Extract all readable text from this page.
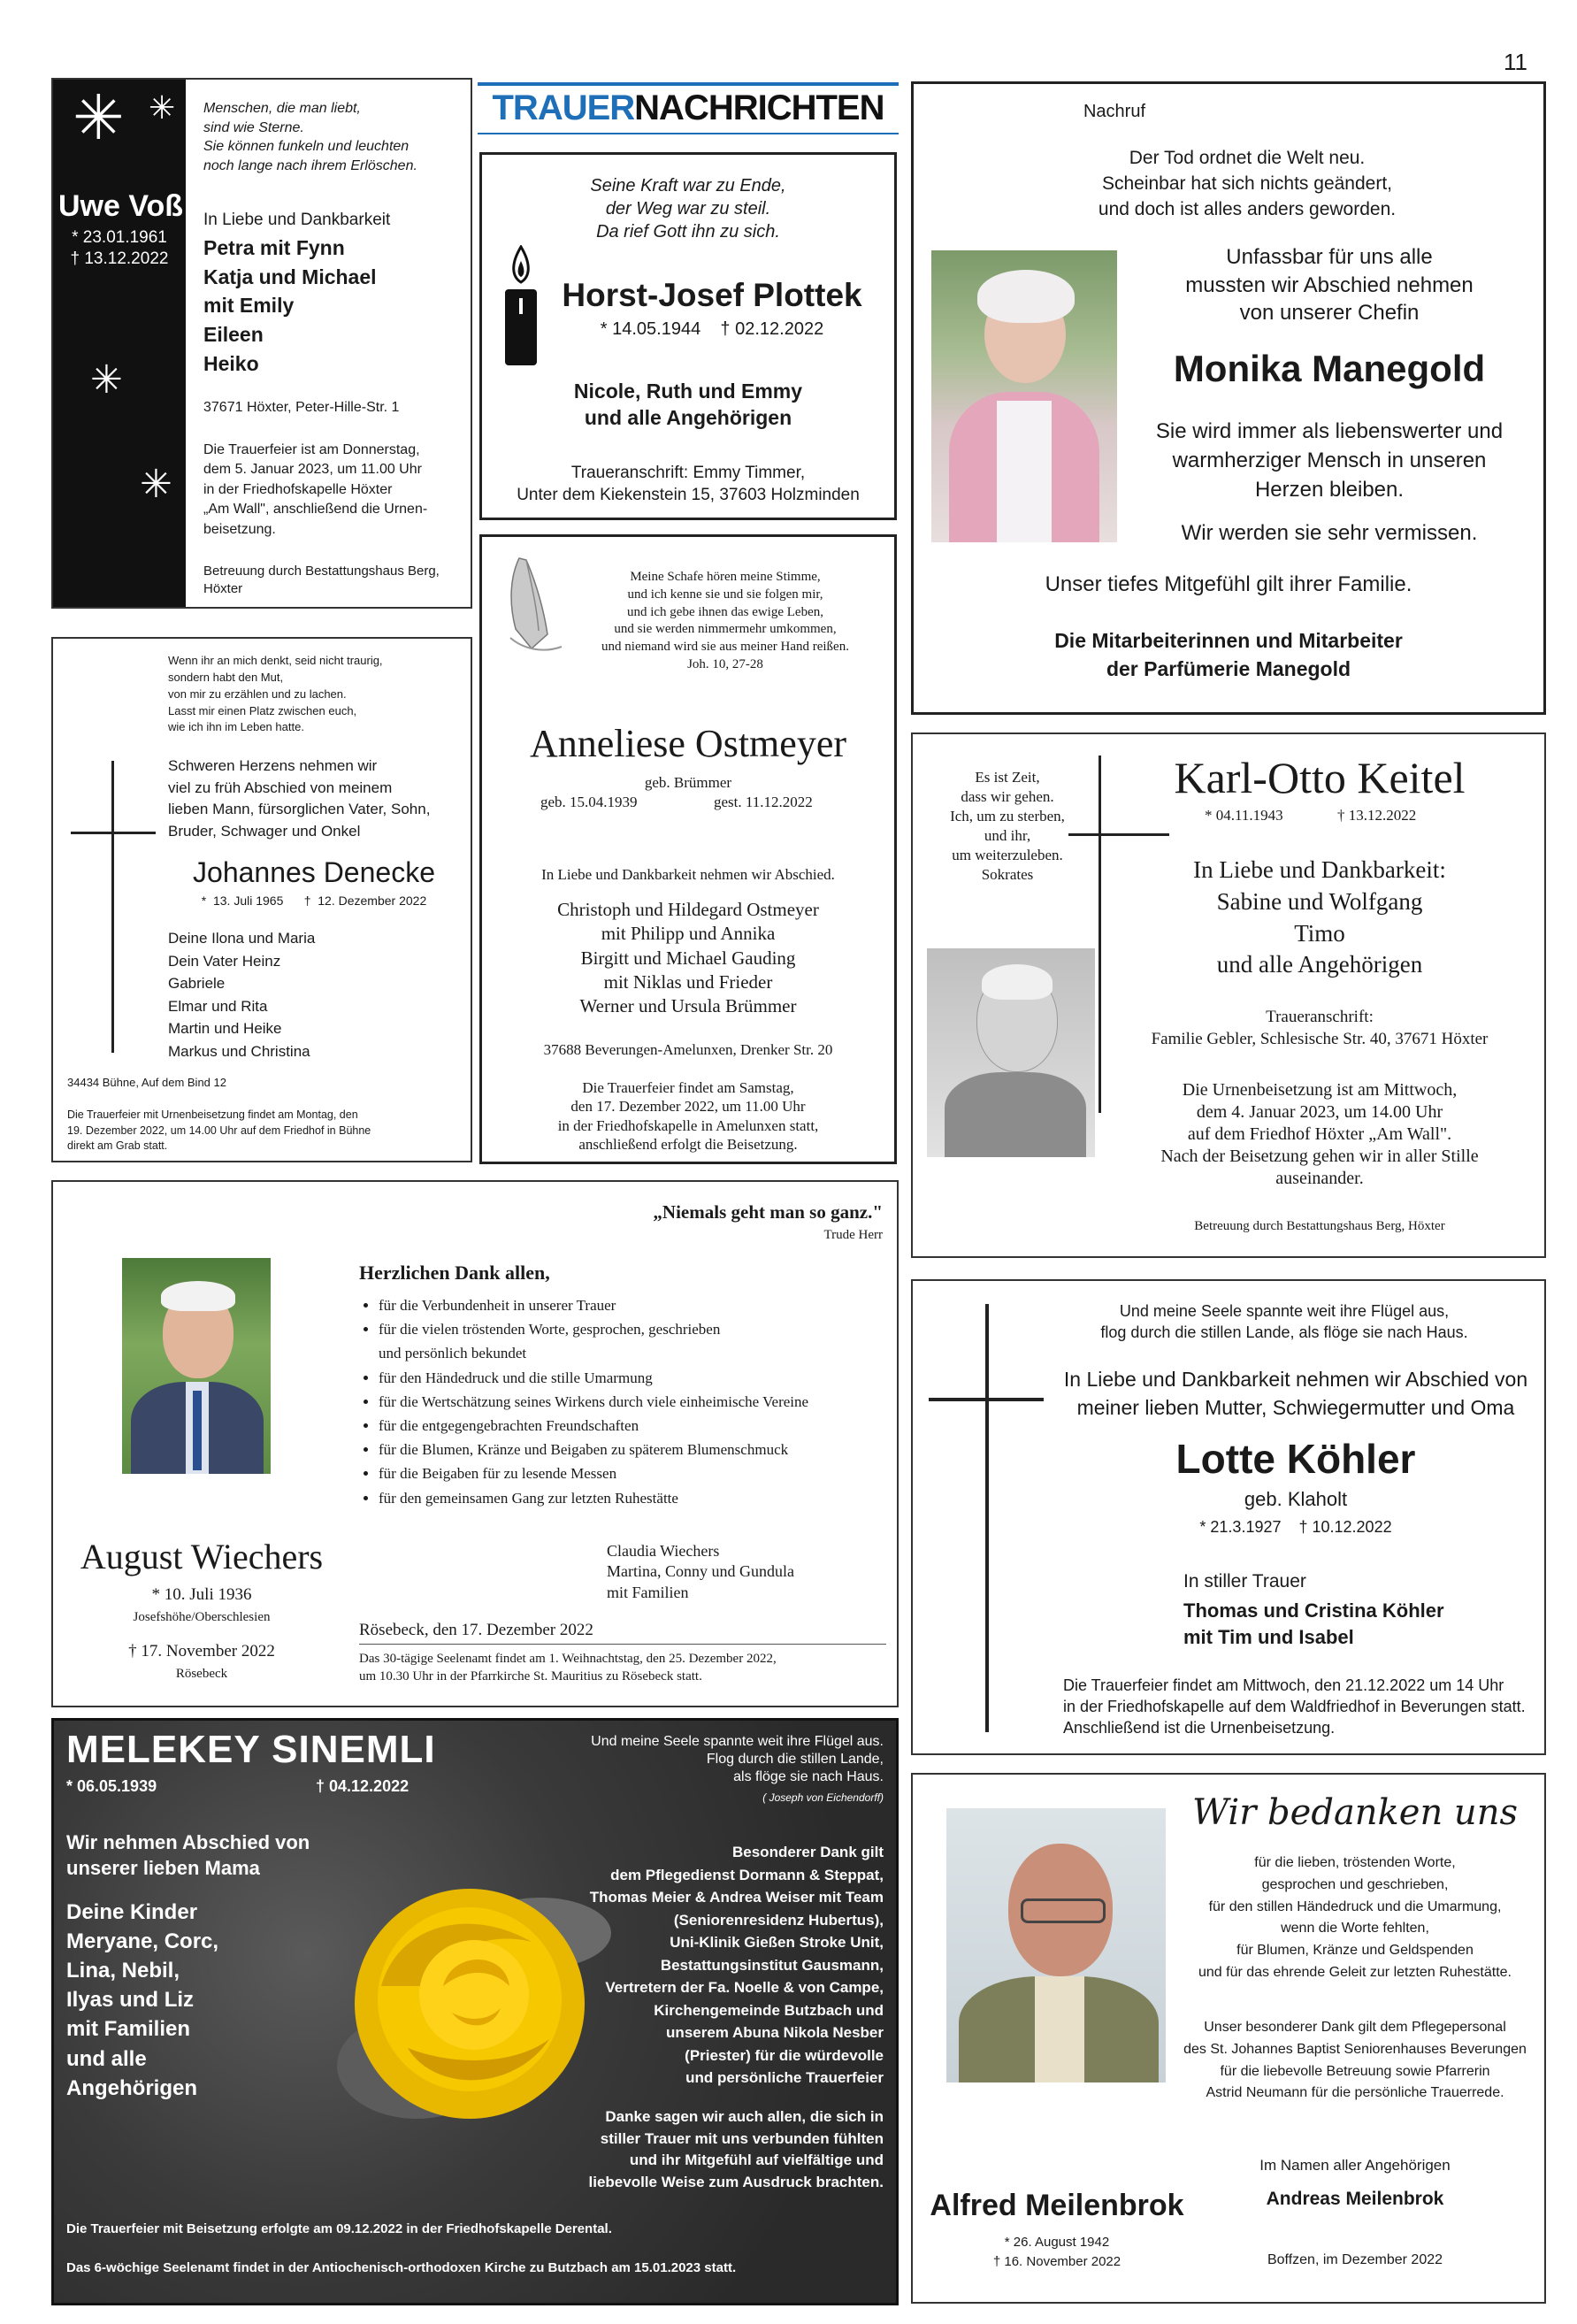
11
✳ ✳
✳
✳
Uwe Voß
* 23.01.1961
† 13.12.2022
Menschen, die man liebt,
sind wie Sterne.
Sie können funkeln und leuchten
noch lange nach ihrem Erlöschen.
In Liebe und Dankbarkeit
Petra mit Fynn
Katja und Michael
mit Emily
Eileen
Heiko
37671 Höxter, Peter-Hille-Str. 1
Die Trauerfeier ist am Donnerstag,
dem 5. Januar 2023, um 11.00 Uhr
in der Friedhofskapelle Höxter
„Am Wall", anschließend die Urnen-
beisetzung.
Betreuung durch Bestattungshaus Berg,
Höxter
TRAUERNACHRICHTEN
Seine Kraft war zu Ende,
der Weg war zu steil.
Da rief Gott ihn zu sich.
Horst-Josef Plottek
* 14.05.1944    † 02.12.2022
Nicole, Ruth und Emmy
und alle Angehörigen
Traueranschrift: Emmy Timmer,
Unter dem Kiekenstein 15, 37603 Holzminden
Nachruf
Der Tod ordnet die Welt neu.
Scheinbar hat sich nichts geändert,
und doch ist alles anders geworden.
Unfassbar für uns alle
mussten wir Abschied nehmen
von unserer Chefin
Monika Manegold
Sie wird immer als liebenswerter und
warmherziger Mensch in unseren
Herzen bleiben.
Wir werden sie sehr vermissen.
Unser tiefes Mitgefühl gilt ihrer Familie.
Die Mitarbeiterinnen und Mitarbeiter
der Parfümerie Manegold
Wenn ihr an mich denkt, seid nicht traurig,
sondern habt den Mut,
von mir zu erzählen und zu lachen.
Lasst mir einen Platz zwischen euch,
wie ich ihn im Leben hatte.
Schweren Herzens nehmen wir
viel zu früh Abschied von meinem
lieben Mann, fürsorglichen Vater, Sohn,
Bruder, Schwager und Onkel
Johannes Denecke
*  13. Juli 1965      †  12. Dezember 2022
Deine Ilona und Maria
Dein Vater Heinz
Gabriele
Elmar und Rita
Martin und Heike
Markus und Christina
34434 Bühne, Auf dem Bind 12
Die Trauerfeier mit Urnenbeisetzung findet am Montag, den
19. Dezember 2022, um 14.00 Uhr auf dem Friedhof in Bühne
direkt am Grab statt.
Meine Schafe hören meine Stimme,
und ich kenne sie und sie folgen mir,
und ich gebe ihnen das ewige Leben,
und sie werden nimmermehr umkommen,
und niemand wird sie aus meiner Hand reißen.
Joh. 10, 27-28
Anneliese Ostmeyer
geb. Brümmer
geb. 15.04.1939	gest. 11.12.2022
In Liebe und Dankbarkeit nehmen wir Abschied.
Christoph und Hildegard Ostmeyer
mit Philipp und Annika
Birgitt und Michael Gauding
mit Niklas und Frieder
Werner und Ursula Brümmer
37688 Beverungen-Amelunxen, Drenker Str. 20
Die Trauerfeier findet am Samstag,
den 17. Dezember 2022, um 11.00 Uhr
in der Friedhofskapelle in Amelunxen statt,
anschließend erfolgt die Beisetzung.
Es ist Zeit,
dass wir gehen.
Ich, um zu sterben,
und ihr,
um weiterzuleben.
Sokrates
Karl-Otto Keitel
* 04.11.1943	† 13.12.2022
In Liebe und Dankbarkeit:
Sabine und Wolfgang
Timo
und alle Angehörigen
Traueranschrift:
Familie Gebler, Schlesische Str. 40, 37671 Höxter
Die Urnenbeisetzung ist am Mittwoch,
dem 4. Januar 2023, um 14.00 Uhr
auf dem Friedhof Höxter „Am Wall".
Nach der Beisetzung gehen wir in aller Stille
auseinander.
Betreuung durch Bestattungshaus Berg, Höxter
August Wiechers
* 10. Juli 1936
Josefshöhe/Oberschlesien
† 17. November 2022
Rösebeck
„Niemals geht man so ganz."
Trude Herr
Herzlichen Dank allen,
• für die Verbundenheit in unserer Trauer
• für die vielen tröstenden Worte, gesprochen, geschrieben
und persönlich bekundet
• für den Händedruck und die stille Umarmung
• für die Wertschätzung seines Wirkens durch viele einheimische Vereine
• für die entgegengebrachten Freundschaften
• für die Blumen, Kränze und Beigaben zu späterem Blumenschmuck
• für die Beigaben für zu lesende Messen
• für den gemeinsamen Gang zur letzten Ruhestätte
Claudia Wiechers
Martina, Conny und Gundula
mit Familien
Rösebeck, den 17. Dezember 2022
Das 30-tägige Seelenamt findet am 1. Weihnachtstag, den 25. Dezember 2022,
um 10.30 Uhr in der Pfarrkirche St. Mauritius zu Rösebeck statt.
Und meine Seele spannte weit ihre Flügel aus,
flog durch die stillen Lande, als flöge sie nach Haus.
In Liebe und Dankbarkeit nehmen wir Abschied von
meiner lieben Mutter, Schwiegermutter und Oma
Lotte Köhler
geb. Klaholt
* 21.3.1927    † 10.12.2022
In stiller Trauer
Thomas und Cristina Köhler
mit Tim und Isabel
Die Trauerfeier findet am Mittwoch, den 21.12.2022 um 14 Uhr
in der Friedhofskapelle auf dem Waldfriedhof in Beverungen statt.
Anschließend ist die Urnenbeisetzung.
MELEKEY SINEMLI
* 06.05.1939	† 04.12.2022
Und meine Seele spannte weit ihre Flügel aus.
Flog durch die stillen Lande,
als flöge sie nach Haus.
( Joseph von Eichendorff)
Wir nehmen Abschied von
unserer lieben Mama
Deine Kinder
Meryane, Corc,
Lina, Nebil,
Ilyas und Liz
mit Familien
und alle
Angehörigen
Besonderer Dank gilt
dem Pflegedienst Dormann & Steppat,
Thomas Meier & Andrea Weiser mit Team
(Seniorenresidenz Hubertus),
Uni-Klinik Gießen Stroke Unit,
Bestattungsinstitut Gausmann,
Vertretern der Fa. Noelle & von Campe,
Kirchengemeinde Butzbach und
unserem Abuna Nikola Nesber
(Priester) für die würdevolle
und persönliche Trauerfeier
Danke sagen wir auch allen, die sich in
stiller Trauer mit uns verbunden fühlten
und ihr Mitgefühl auf vielfältige und
liebevolle Weise zum Ausdruck brachten.
Die Trauerfeier mit Beisetzung erfolgte am 09.12.2022 in der Friedhofskapelle Derental.
Das 6-wöchige Seelenamt findet in der Antiochenisch-orthodoxen Kirche zu Butzbach am 15.01.2023 statt.
Wir bedanken uns
für die lieben, tröstenden Worte,
gesprochen und geschrieben,
für den stillen Händedruck und die Umarmung,
wenn die Worte fehlten,
für Blumen, Kränze und Geldspenden
und für das ehrende Geleit zur letzten Ruhestätte.
Unser besonderer Dank gilt dem Pflegepersonal
des St. Johannes Baptist Seniorenhauses Beverungen
für die liebevolle Betreuung sowie Pfarrerin
Astrid Neumann für die persönliche Trauerrede.
Im Namen aller Angehörigen
Andreas Meilenbrok
Boffzen, im Dezember 2022
Alfred Meilenbrok
* 26. August 1942
† 16. November 2022
